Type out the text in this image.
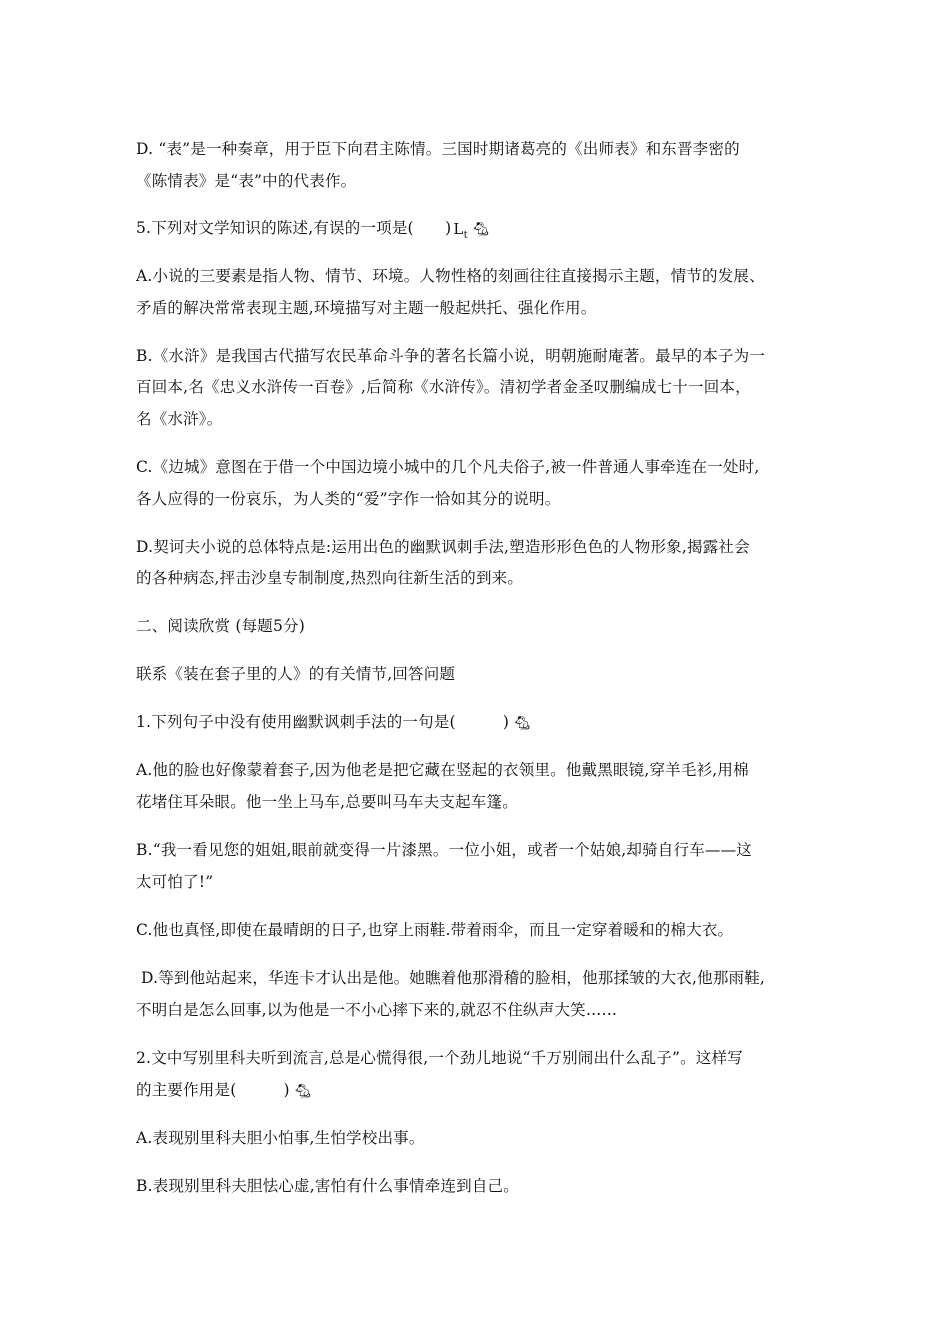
D. “表”是一种奏章，用于臣下向君主陈情。三国时期诸葛亮的《出师表》和东晋李密的
《陈情表》是“表”中的代表作。
5.下列对文学知识的陈述,有误的一项是(　　) $L_t$ 🐁︎
A.小说的三要素是指人物、情节、环境。人物性格的刻画往往直接揭示主题，情节的发展、
矛盾的解决常常表现主题,环境描写对主题一般起烘托、强化作用。
B.《水浒》是我国古代描写农民革命斗争的著名长篇小说，明朝施耐庵著。最早的本子为一
百回本,名《忠义水浒传一百卷》,后简称《水浒传》。清初学者金圣叹删编成七十一回本，
名《水浒》。
C.《边城》意图在于借一个中国边境小城中的几个凡夫俗子,被一件普通人事牵连在一处时,
各人应得的一份哀乐，为人类的“爱”字作一恰如其分的说明。
D.契诃夫小说的总体特点是:运用出色的幽默讽刺手法,塑造形形色色的人物形象,揭露社会
的各种病态,抨击沙皇专制制度,热烈向往新生活的到来。
二、阅读欣赏 (每题5分)
联系《装在套子里的人》的有关情节,回答问题
1.下列句子中没有使用幽默讽刺手法的一句是(　　　) 🐁︎
A.他的脸也好像蒙着套子,因为他老是把它藏在竖起的衣领里。他戴黑眼镜,穿羊毛衫,用棉
花堵住耳朵眼。他一坐上马车,总要叫马车夫支起车篷。
B.“我一看见您的姐姐,眼前就变得一片漆黑。一位小姐，或者一个姑娘,却骑自行车——这
太可怕了!”
C.他也真怪,即使在最晴朗的日子,也穿上雨鞋.带着雨伞，而且一定穿着暖和的棉大衣。
D.等到他站起来，华连卡才认出是他。她瞧着他那滑稽的脸相，他那揉皱的大衣,他那雨鞋,
不明白是怎么回事,以为他是一不小心摔下来的,就忍不住纵声大笑……
2.文中写别里科夫听到流言,总是心慌得很,一个劲儿地说“千万别闹出什么乱子”。这样写
的主要作用是(　　　) 🐁︎
A.表现别里科夫胆小怕事,生怕学校出事。
B.表现别里科夫胆怯心虚,害怕有什么事情牵连到自己。
